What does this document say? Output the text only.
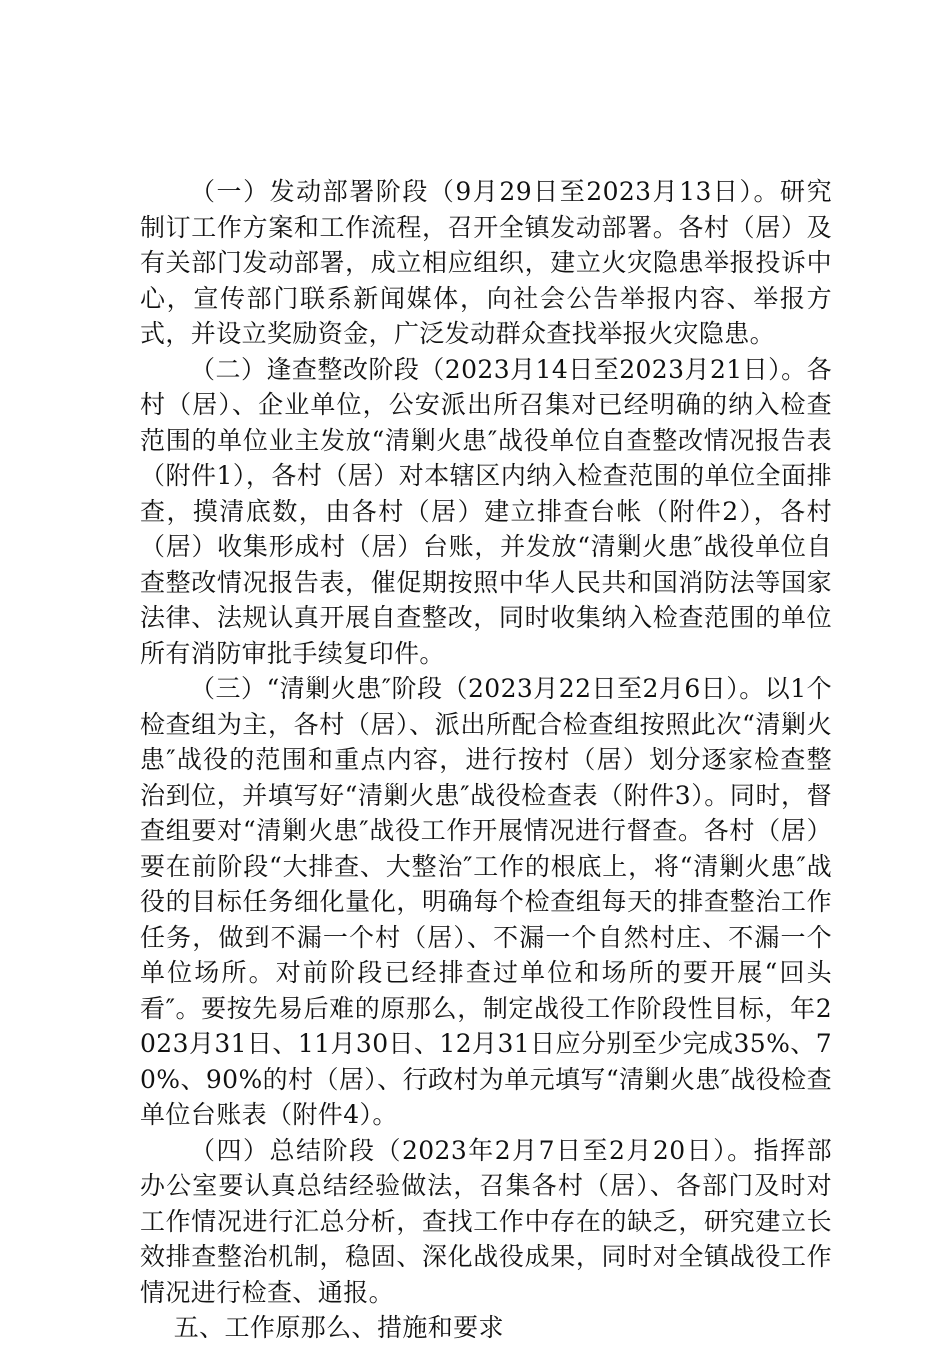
（一）发动部署阶段（9月29日至2023月13日）。研究制订工作方案和工作流程，召开全镇发动部署。各村（居）及有关部门发动部署，成立相应组织，建立火灾隐患举报投诉中心，宣传部门联系新闻媒体，向社会公告举报内容、举报方式，并设立奖励资金，广泛发动群众查找举报火灾隐患。

（二）逢查整改阶段（2023月14日至2023月21日）。各村（居）、企业单位，公安派出所召集对已经明确的纳入检查范围的单位业主发放“清剿火患″战役单位自查整改情况报告表（附件1），各村（居）对本辖区内纳入检查范围的单位全面排查，摸清底数，由各村（居）建立排查台帐（附件2），各村（居）收集形成村（居）台账，并发放“清剿火患″战役单位自查整改情况报告表，催促期按照中华人民共和国消防法等国家法律、法规认真开展自查整改，同时收集纳入检查范围的单位所有消防审批手续复印件。

（三）“清剿火患″阶段（2023月22日至2月6日）。以1个检查组为主，各村（居）、派出所配合检查组按照此次“清剿火患″战役的范围和重点内容，进行按村（居）划分逐家检查整治到位，并填写好“清剿火患″战役检查表（附件3）。同时，督查组要对“清剿火患″战役工作开展情况进行督查。各村（居）要在前阶段“大排查、大整治″工作的根底上，将“清剿火患″战役的目标任务细化量化，明确每个检查组每天的排查整治工作任务，做到不漏一个村（居）、不漏一个自然村庄、不漏一个单位场所。对前阶段已经排查过单位和场所的要开展“回头看″。要按先易后难的原那么，制定战役工作阶段性目标，年2023月31日、11月30日、12月31日应分别至少完成35%、70%、90%的村（居）、行政村为单元填写“清剿火患″战役检查单位台账表（附件4）。

（四）总结阶段（2023年2月7日至2月20日）。指挥部办公室要认真总结经验做法，召集各村（居）、各部门及时对工作情况进行汇总分析，查找工作中存在的缺乏，研究建立长效排查整治机制，稳固、深化战役成果，同时对全镇战役工作情况进行检查、通报。

五、工作原那么、措施和要求
